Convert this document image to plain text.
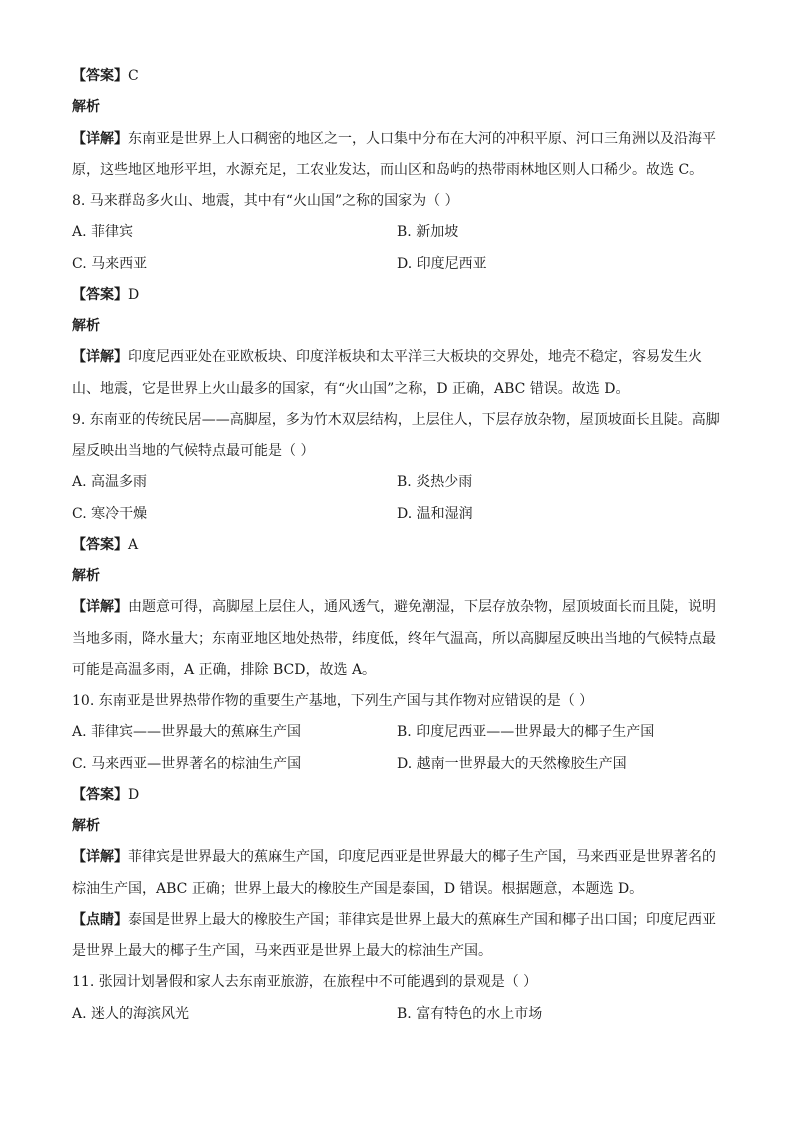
【答案】C
解析
【详解】东南亚是世界上人口稠密的地区之一，人口集中分布在大河的冲积平原、河口三角洲以及沿海平
原，这些地区地形平坦，水源充足，工农业发达，而山区和岛屿的热带雨林地区则人口稀少。故选 C。
8. 马来群岛多火山、地震，其中有“火山国”之称的国家为（ ）
A. 菲律宾	B. 新加坡
C. 马来西亚	D. 印度尼西亚
【答案】D
解析
【详解】印度尼西亚处在亚欧板块、印度洋板块和太平洋三大板块的交界处，地壳不稳定，容易发生火
山、地震，它是世界上火山最多的国家，有“火山国”之称，D 正确，ABC 错误。故选 D。
9. 东南亚的传统民居——高脚屋，多为竹木双层结构，上层住人，下层存放杂物，屋顶坡面长且陡。高脚
屋反映出当地的气候特点最可能是（ ）
A. 高温多雨	B. 炎热少雨
C. 寒冷干燥	D. 温和湿润
【答案】A
解析
【详解】由题意可得，高脚屋上层住人，通风透气，避免潮湿，下层存放杂物，屋顶坡面长而且陡，说明
当地多雨，降水量大；东南亚地区地处热带，纬度低，终年气温高，所以高脚屋反映出当地的气候特点最
可能是高温多雨，A 正确，排除 BCD，故选 A。
10. 东南亚是世界热带作物的重要生产基地，下列生产国与其作物对应错误的是（ ）
A. 菲律宾——世界最大的蕉麻生产国	B. 印度尼西亚——世界最大的椰子生产国
C. 马来西亚—世界著名的棕油生产国	D. 越南一世界最大的天然橡胶生产国
【答案】D
解析
【详解】菲律宾是世界最大的蕉麻生产国，印度尼西亚是世界最大的椰子生产国，马来西亚是世界著名的
棕油生产国，ABC 正确；世界上最大的橡胶生产国是泰国，D 错误。根据题意，本题选 D。
【点睛】泰国是世界上最大的橡胶生产国；菲律宾是世界上最大的蕉麻生产国和椰子出口国；印度尼西亚
是世界上最大的椰子生产国，马来西亚是世界上最大的棕油生产国。
11. 张园计划暑假和家人去东南亚旅游，在旅程中不可能遇到的景观是（ ）
A. 迷人的海滨风光	B. 富有特色的水上市场
